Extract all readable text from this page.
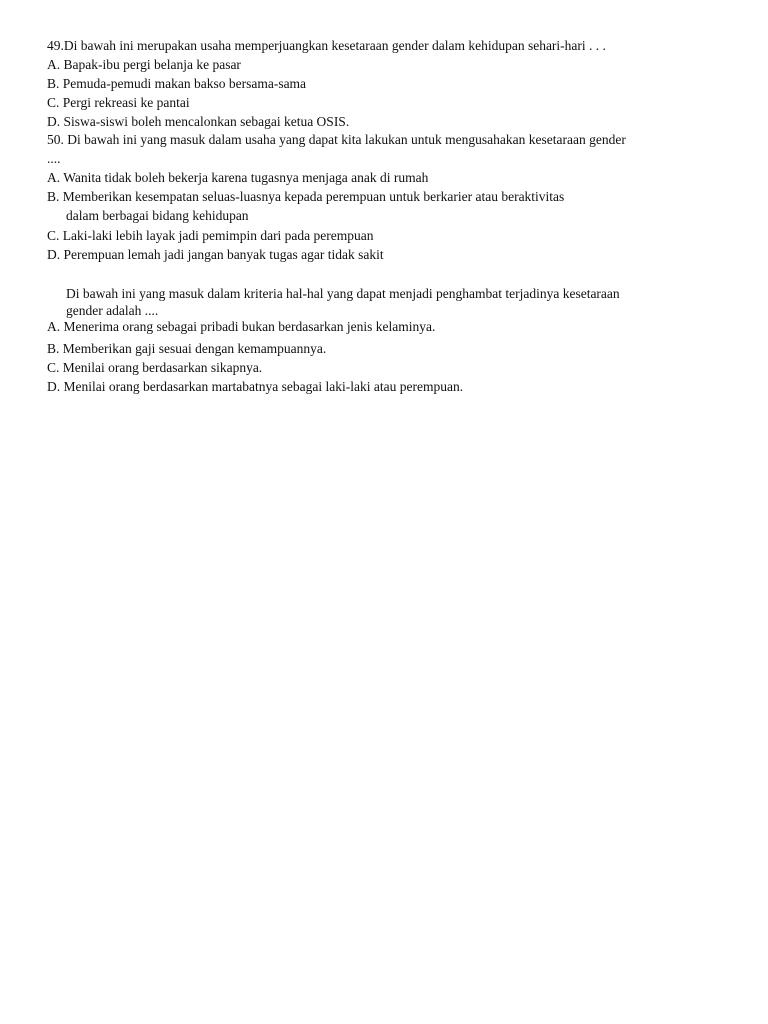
49.Di bawah ini merupakan usaha memperjuangkan kesetaraan gender dalam kehidupan sehari-hari . . .
A. Bapak-ibu pergi belanja ke pasar
B. Pemuda-pemudi makan bakso bersama-sama
C. Pergi rekreasi ke pantai
D. Siswa-siswi boleh mencalonkan sebagai ketua OSIS.
50. Di bawah ini yang masuk dalam usaha yang dapat kita lakukan untuk mengusahakan kesetaraan gender
....
A. Wanita tidak boleh bekerja karena tugasnya menjaga anak di rumah
B. Memberikan kesempatan seluas-luasnya kepada perempuan untuk berkarier atau beraktivitas
dalam berbagai bidang kehidupan
C. Laki-laki lebih layak jadi pemimpin dari pada perempuan
D. Perempuan lemah jadi jangan banyak tugas agar tidak sakit
Di bawah ini yang masuk dalam kriteria hal-hal yang dapat menjadi penghambat terjadinya kesetaraan
gender adalah ....
A. Menerima orang sebagai pribadi bukan berdasarkan jenis kelaminya.
B. Memberikan gaji sesuai dengan kemampuannya.
C. Menilai orang berdasarkan sikapnya.
D. Menilai orang berdasarkan martabatnya sebagai laki-laki atau perempuan.
